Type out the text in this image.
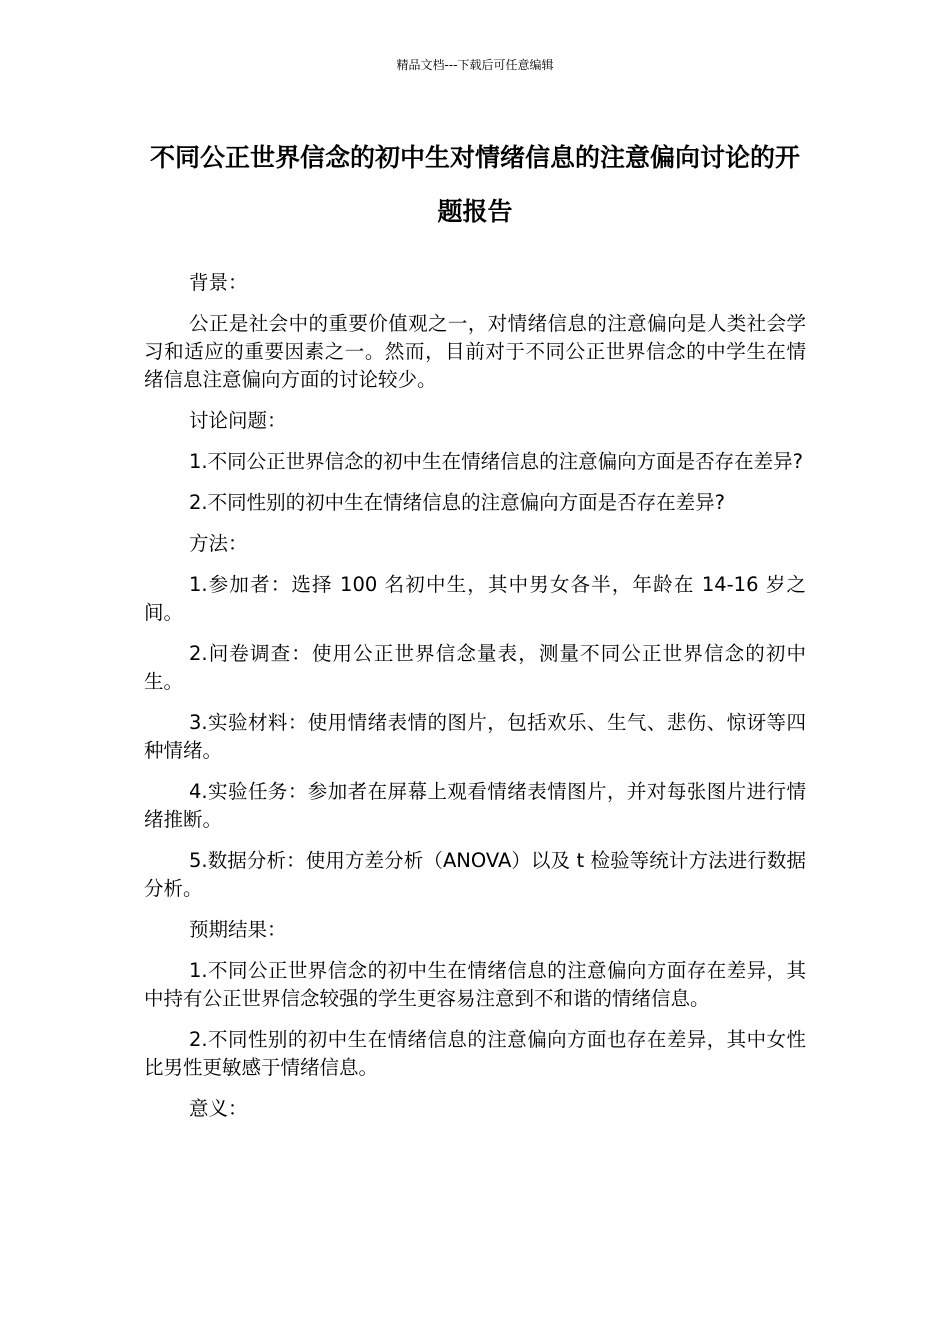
精品文档---下载后可任意编辑
不同公正世界信念的初中生对情绪信息的注意偏向讨论的开题报告

背景：

公正是社会中的重要价值观之一，对情绪信息的注意偏向是人类社会学习和适应的重要因素之一。然而，目前对于不同公正世界信念的中学生在情绪信息注意偏向方面的讨论较少。

讨论问题：

1.不同公正世界信念的初中生在情绪信息的注意偏向方面是否存在差异?

2.不同性别的初中生在情绪信息的注意偏向方面是否存在差异?

方法：

1.参加者：选择 100 名初中生，其中男女各半，年龄在 14-16 岁之间。

2.问卷调查：使用公正世界信念量表，测量不同公正世界信念的初中生。

3.实验材料：使用情绪表情的图片，包括欢乐、生气、悲伤、惊讶等四种情绪。

4.实验任务：参加者在屏幕上观看情绪表情图片，并对每张图片进行情绪推断。

5.数据分析：使用方差分析（ANOVA）以及 t 检验等统计方法进行数据分析。

预期结果：

1.不同公正世界信念的初中生在情绪信息的注意偏向方面存在差异，其中持有公正世界信念较强的学生更容易注意到不和谐的情绪信息。

2.不同性别的初中生在情绪信息的注意偏向方面也存在差异，其中女性比男性更敏感于情绪信息。

意义：
